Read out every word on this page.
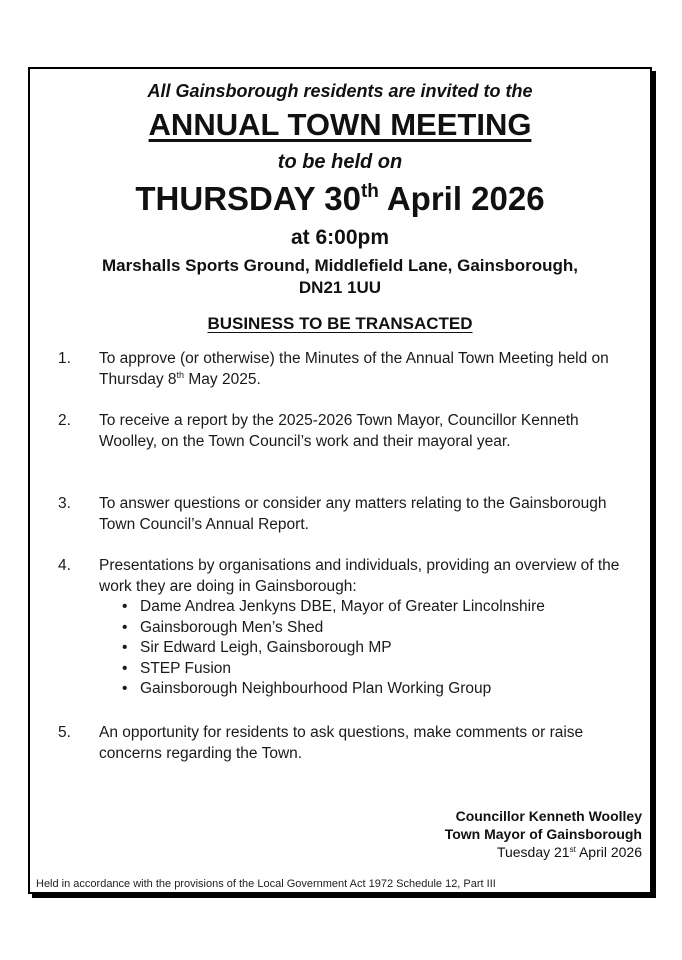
All Gainsborough residents are invited to the
ANNUAL TOWN MEETING
to be held on
THURSDAY 30th April 2026
at 6:00pm
Marshalls Sports Ground, Middlefield Lane, Gainsborough,
DN21 1UU
BUSINESS TO BE TRANSACTED
1. To approve (or otherwise) the Minutes of the Annual Town Meeting held on Thursday 8th May 2025.
2. To receive a report by the 2025-2026 Town Mayor, Councillor Kenneth Woolley, on the Town Council’s work and their mayoral year.
3. To answer questions or consider any matters relating to the Gainsborough Town Council’s Annual Report.
4. Presentations by organisations and individuals, providing an overview of the work they are doing in Gainsborough:
• Dame Andrea Jenkyns DBE, Mayor of Greater Lincolnshire
• Gainsborough Men’s Shed
• Sir Edward Leigh, Gainsborough MP
• STEP Fusion
• Gainsborough Neighbourhood Plan Working Group
5. An opportunity for residents to ask questions, make comments or raise concerns regarding the Town.
Councillor Kenneth Woolley
Town Mayor of Gainsborough
Tuesday 21st April 2026
Held in accordance with the provisions of the Local Government Act 1972 Schedule 12, Part III
